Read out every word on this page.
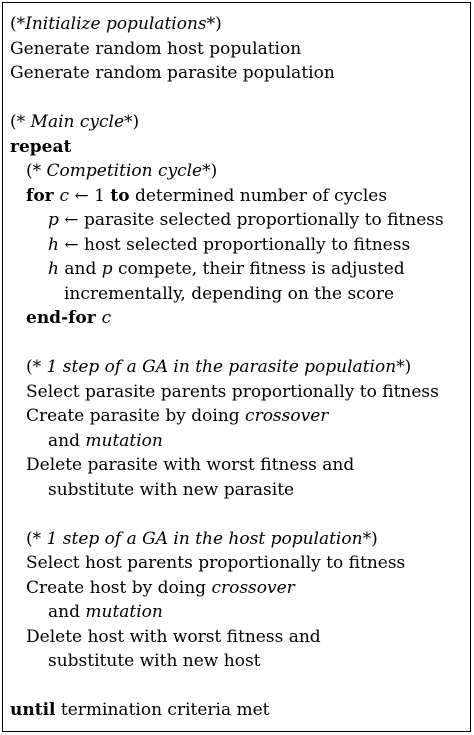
(*Initialize populations*)
Generate random host population
Generate random parasite population
(* Main cycle*)
repeat
(* Competition cycle*)
for c ← 1 to determined number of cycles
p ← parasite selected proportionally to fitness
h ← host selected proportionally to fitness
h and p compete, their fitness is adjusted
incrementally, depending on the score
end-for c
(* 1 step of a GA in the parasite population*)
Select parasite parents proportionally to fitness
Create parasite by doing crossover
and mutation
Delete parasite with worst fitness and
substitute with new parasite
(* 1 step of a GA in the host population*)
Select host parents proportionally to fitness
Create host by doing crossover
and mutation
Delete host with worst fitness and
substitute with new host
until termination criteria met
